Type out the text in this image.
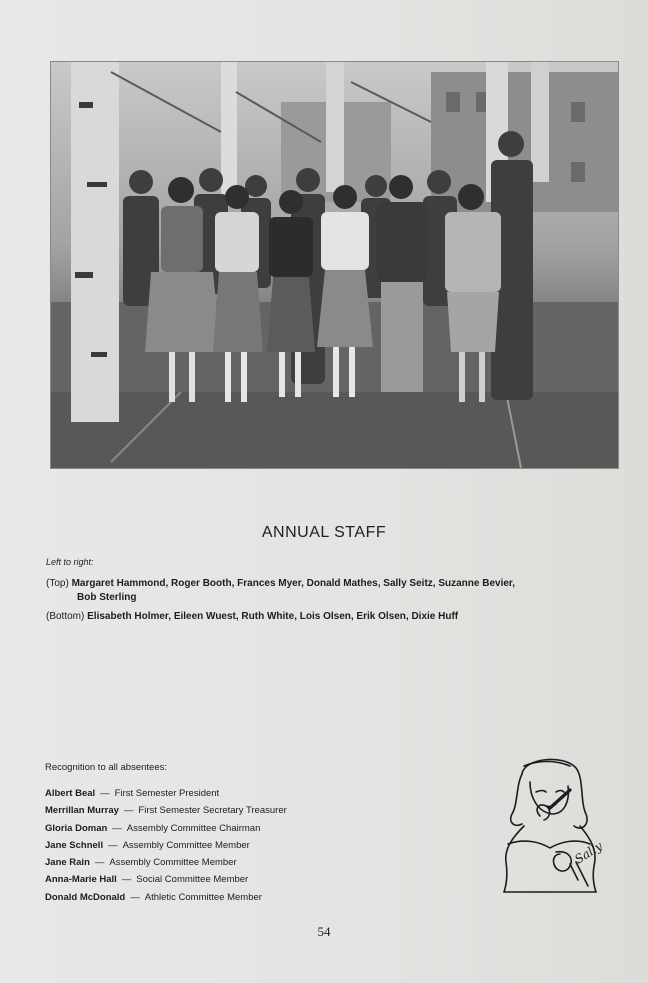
ANNUAL STAFF
Left to right:
(Top) Margaret Hammond, Roger Booth, Frances Myer, Donald Mathes, Sally Seitz, Suzanne Bevier,
Bob Sterling
(Bottom) Elisabeth Holmer, Eileen Wuest, Ruth White, Lois Olsen, Erik Olsen, Dixie Huff
Recognition to all absentees:
Albert Beal — First Semester President
Merrillan Murray — First Semester Secretary Treasurer
Gloria Doman — Assembly Committee Chairman
Jane Schnell — Assembly Committee Member
Jane Rain — Assembly Committee Member
Anna-Marie Hall — Social Committee Member
Donald McDonald — Athletic Committee Member
Sally
54
